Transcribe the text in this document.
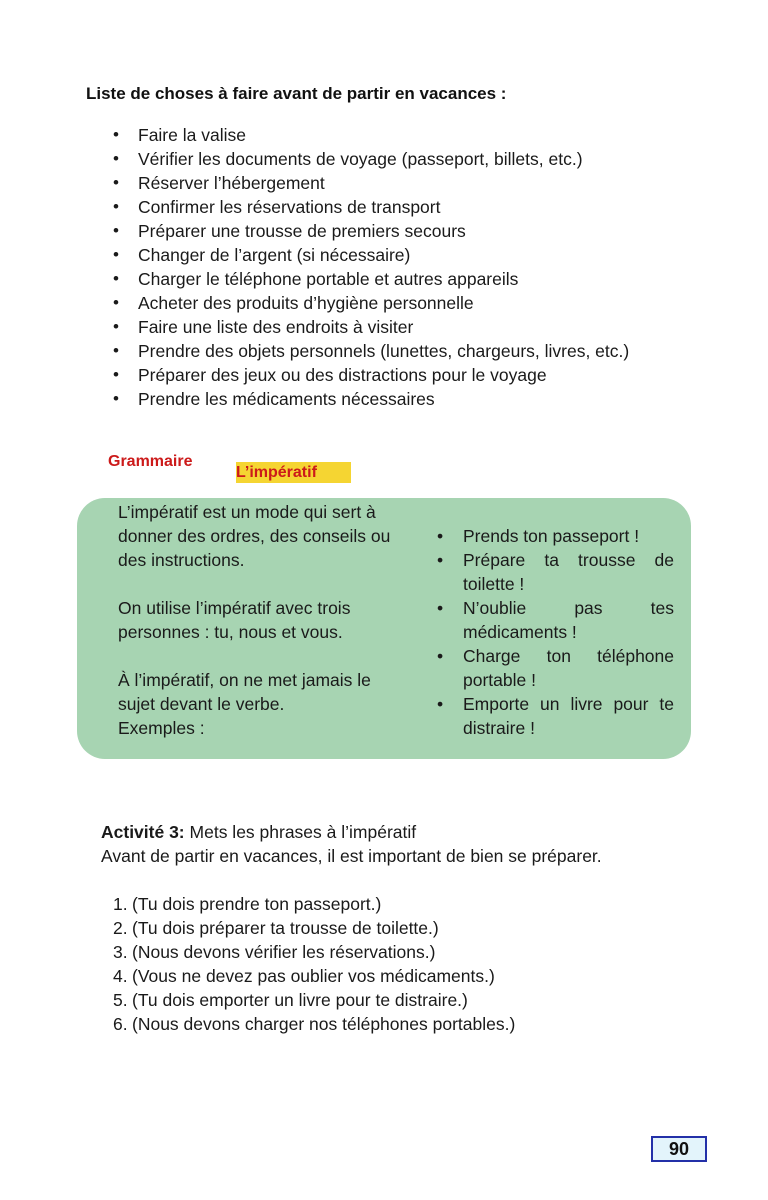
Liste de choses à faire avant de partir en vacances :
• Faire la valise
• Vérifier les documents de voyage (passeport, billets, etc.)
• Réserver l’hébergement
• Confirmer les réservations de transport
• Préparer une trousse de premiers secours
• Changer de l’argent (si nécessaire)
• Charger le téléphone portable et autres appareils
• Acheter des produits d’hygiène personnelle
• Faire une liste des endroits à visiter
• Prendre des objets personnels (lunettes, chargeurs, livres, etc.)
• Préparer des jeux ou des distractions pour le voyage
• Prendre les médicaments nécessaires
Grammaire
L’impératif

L’impératif est un mode qui sert à donner des ordres, des conseils ou des instructions.

On utilise l’impératif avec trois personnes : tu, nous et vous.

À l’impératif, on ne met jamais le sujet devant le verbe.

Exemples :

• Prends ton passeport !
• Prépare ta trousse de toilette !
• N’oublie pas tes médicaments !
• Charge ton téléphone portable !
• Emporte un livre pour te distraire !

Activité 3: Mets les phrases à l’impératif

Avant de partir en vacances, il est important de bien se préparer.

1. (Tu dois prendre ton passeport.)
2. (Tu dois préparer ta trousse de toilette.)
3. (Nous devons vérifier les réservations.)
4. (Vous ne devez pas oublier vos médicaments.)
5. (Tu dois emporter un livre pour te distraire.)
6. (Nous devons charger nos téléphones portables.)
90
